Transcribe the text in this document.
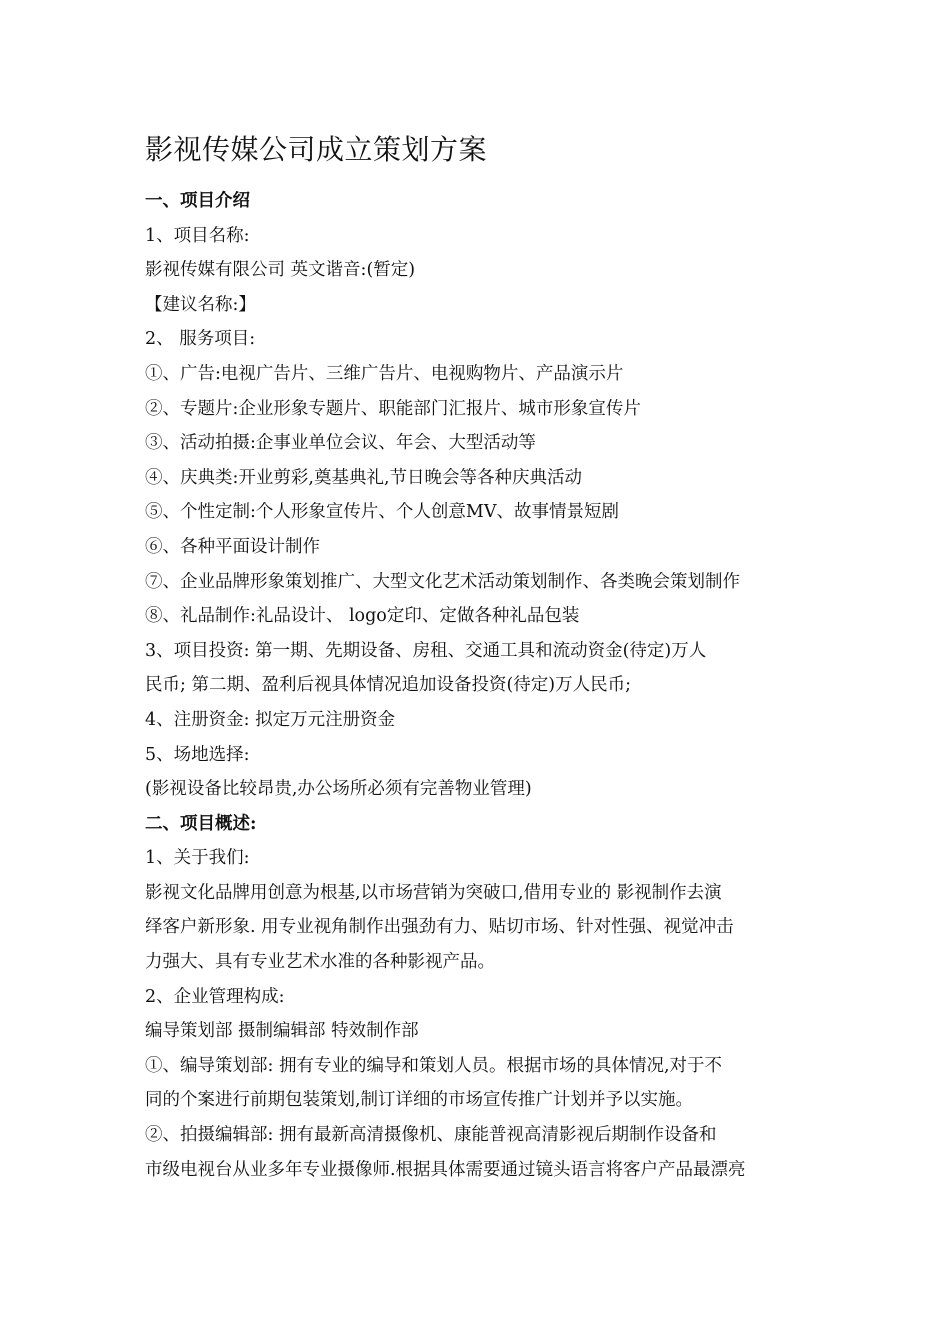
影视传媒公司成立策划方案
一、项目介绍
1、项目名称:
影视传媒有限公司 英文谐音:(暂定)
【建议名称:】
2、 服务项目:
①、广告:电视广告片、三维广告片、电视购物片、产品演示片
②、专题片:企业形象专题片、职能部门汇报片、城市形象宣传片
③、活动拍摄:企事业单位会议、年会、大型活动等
④、庆典类:开业剪彩,奠基典礼,节日晚会等各种庆典活动
⑤、个性定制:个人形象宣传片、个人创意MV、故事情景短剧
⑥、各种平面设计制作
⑦、企业品牌形象策划推广、大型文化艺术活动策划制作、各类晚会策划制作
⑧、礼品制作:礼品设计、 logo定印、定做各种礼品包装
3、项目投资: 第一期、先期设备、房租、交通工具和流动资金(待定)万人
民币; 第二期、盈利后视具体情况追加设备投资(待定)万人民币;
4、注册资金: 拟定万元注册资金
5、场地选择:
(影视设备比较昂贵,办公场所必须有完善物业管理)
二、项目概述:
1、关于我们:
影视文化品牌用创意为根基,以市场营销为突破口,借用专业的 影视制作去演
绎客户新形象. 用专业视角制作出强劲有力、贴切市场、针对性强、视觉冲击
力强大、具有专业艺术水准的各种影视产品。
2、企业管理构成:
编导策划部 摄制编辑部 特效制作部
①、编导策划部: 拥有专业的编导和策划人员。根据市场的具体情况,对于不
同的个案进行前期包装策划,制订详细的市场宣传推广计划并予以实施。
②、拍摄编辑部: 拥有最新高清摄像机、康能普视高清影视后期制作设备和
市级电视台从业多年专业摄像师.根据具体需要通过镜头语言将客户产品最漂亮
